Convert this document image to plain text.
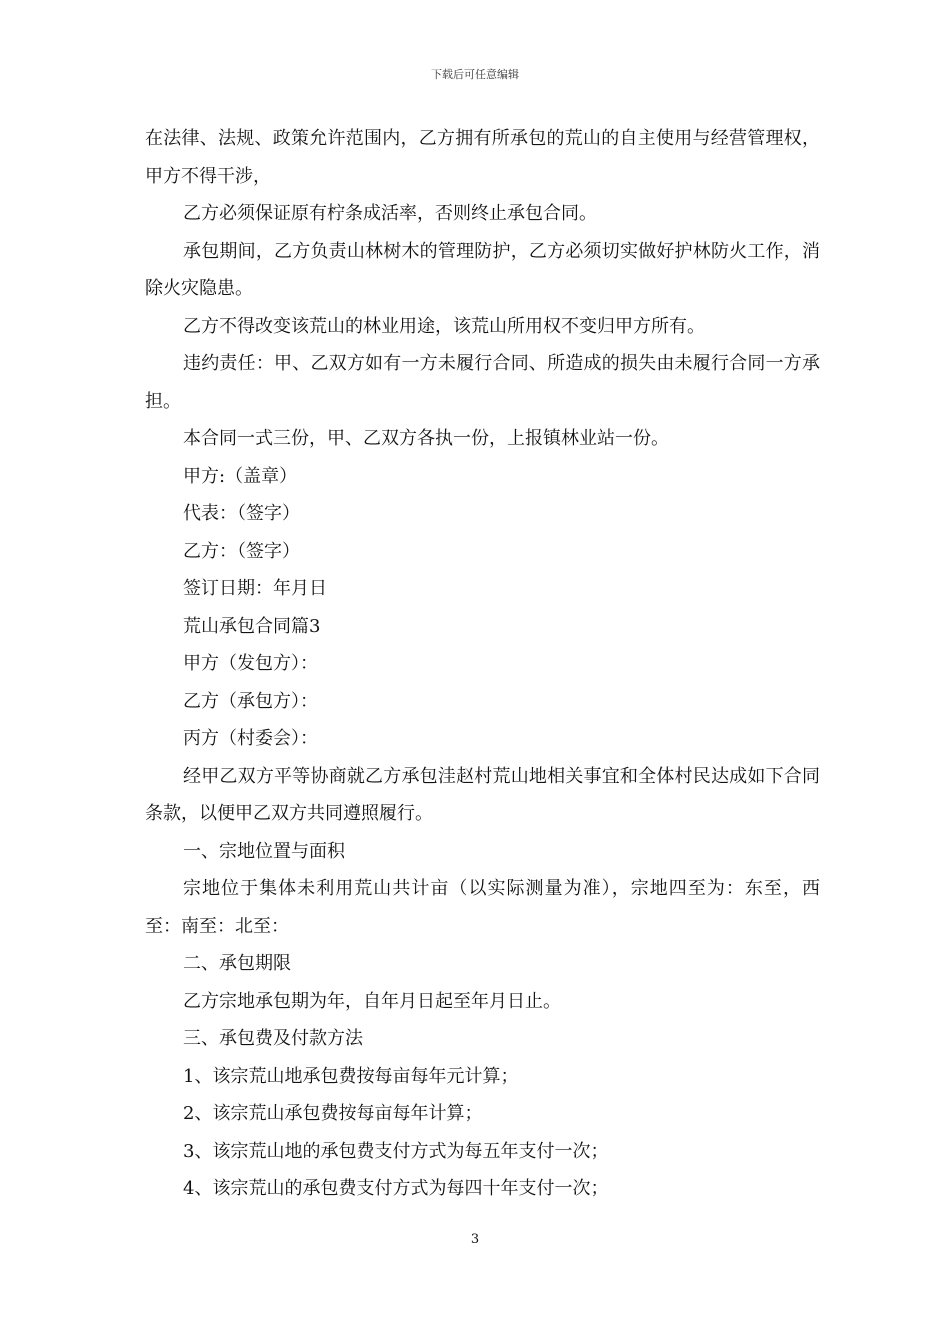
下载后可任意编辑

在法律、法规、政策允许范围内，乙方拥有所承包的荒山的自主使用与经营管理权，甲方不得干涉，

乙方必须保证原有柠条成活率，否则终止承包合同。

承包期间，乙方负责山林树木的管理防护，乙方必须切实做好护林防火工作，消除火灾隐患。

乙方不得改变该荒山的林业用途，该荒山所用权不变归甲方所有。

违约责任：甲、乙双方如有一方未履行合同、所造成的损失由未履行合同一方承担。

本合同一式三份，甲、乙双方各执一份，上报镇林业站一份。

甲方:（盖章）

代表：（签字）

乙方：（签字）

签订日期：年月日

荒山承包合同篇3

甲方（发包方）：

乙方（承包方）：

丙方（村委会）：

经甲乙双方平等协商就乙方承包洼赵村荒山地相关事宜和全体村民达成如下合同条款，以便甲乙双方共同遵照履行。

一、宗地位置与面积

宗地位于集体未利用荒山共计亩（以实际测量为准），宗地四至为：东至，西至：南至：北至：

二、承包期限

乙方宗地承包期为年，自年月日起至年月日止。

三、承包费及付款方法

1、该宗荒山地承包费按每亩每年元计算；

2、该宗荒山承包费按每亩每年计算；

3、该宗荒山地的承包费支付方式为每五年支付一次；

4、该宗荒山的承包费支付方式为每四十年支付一次；

3
